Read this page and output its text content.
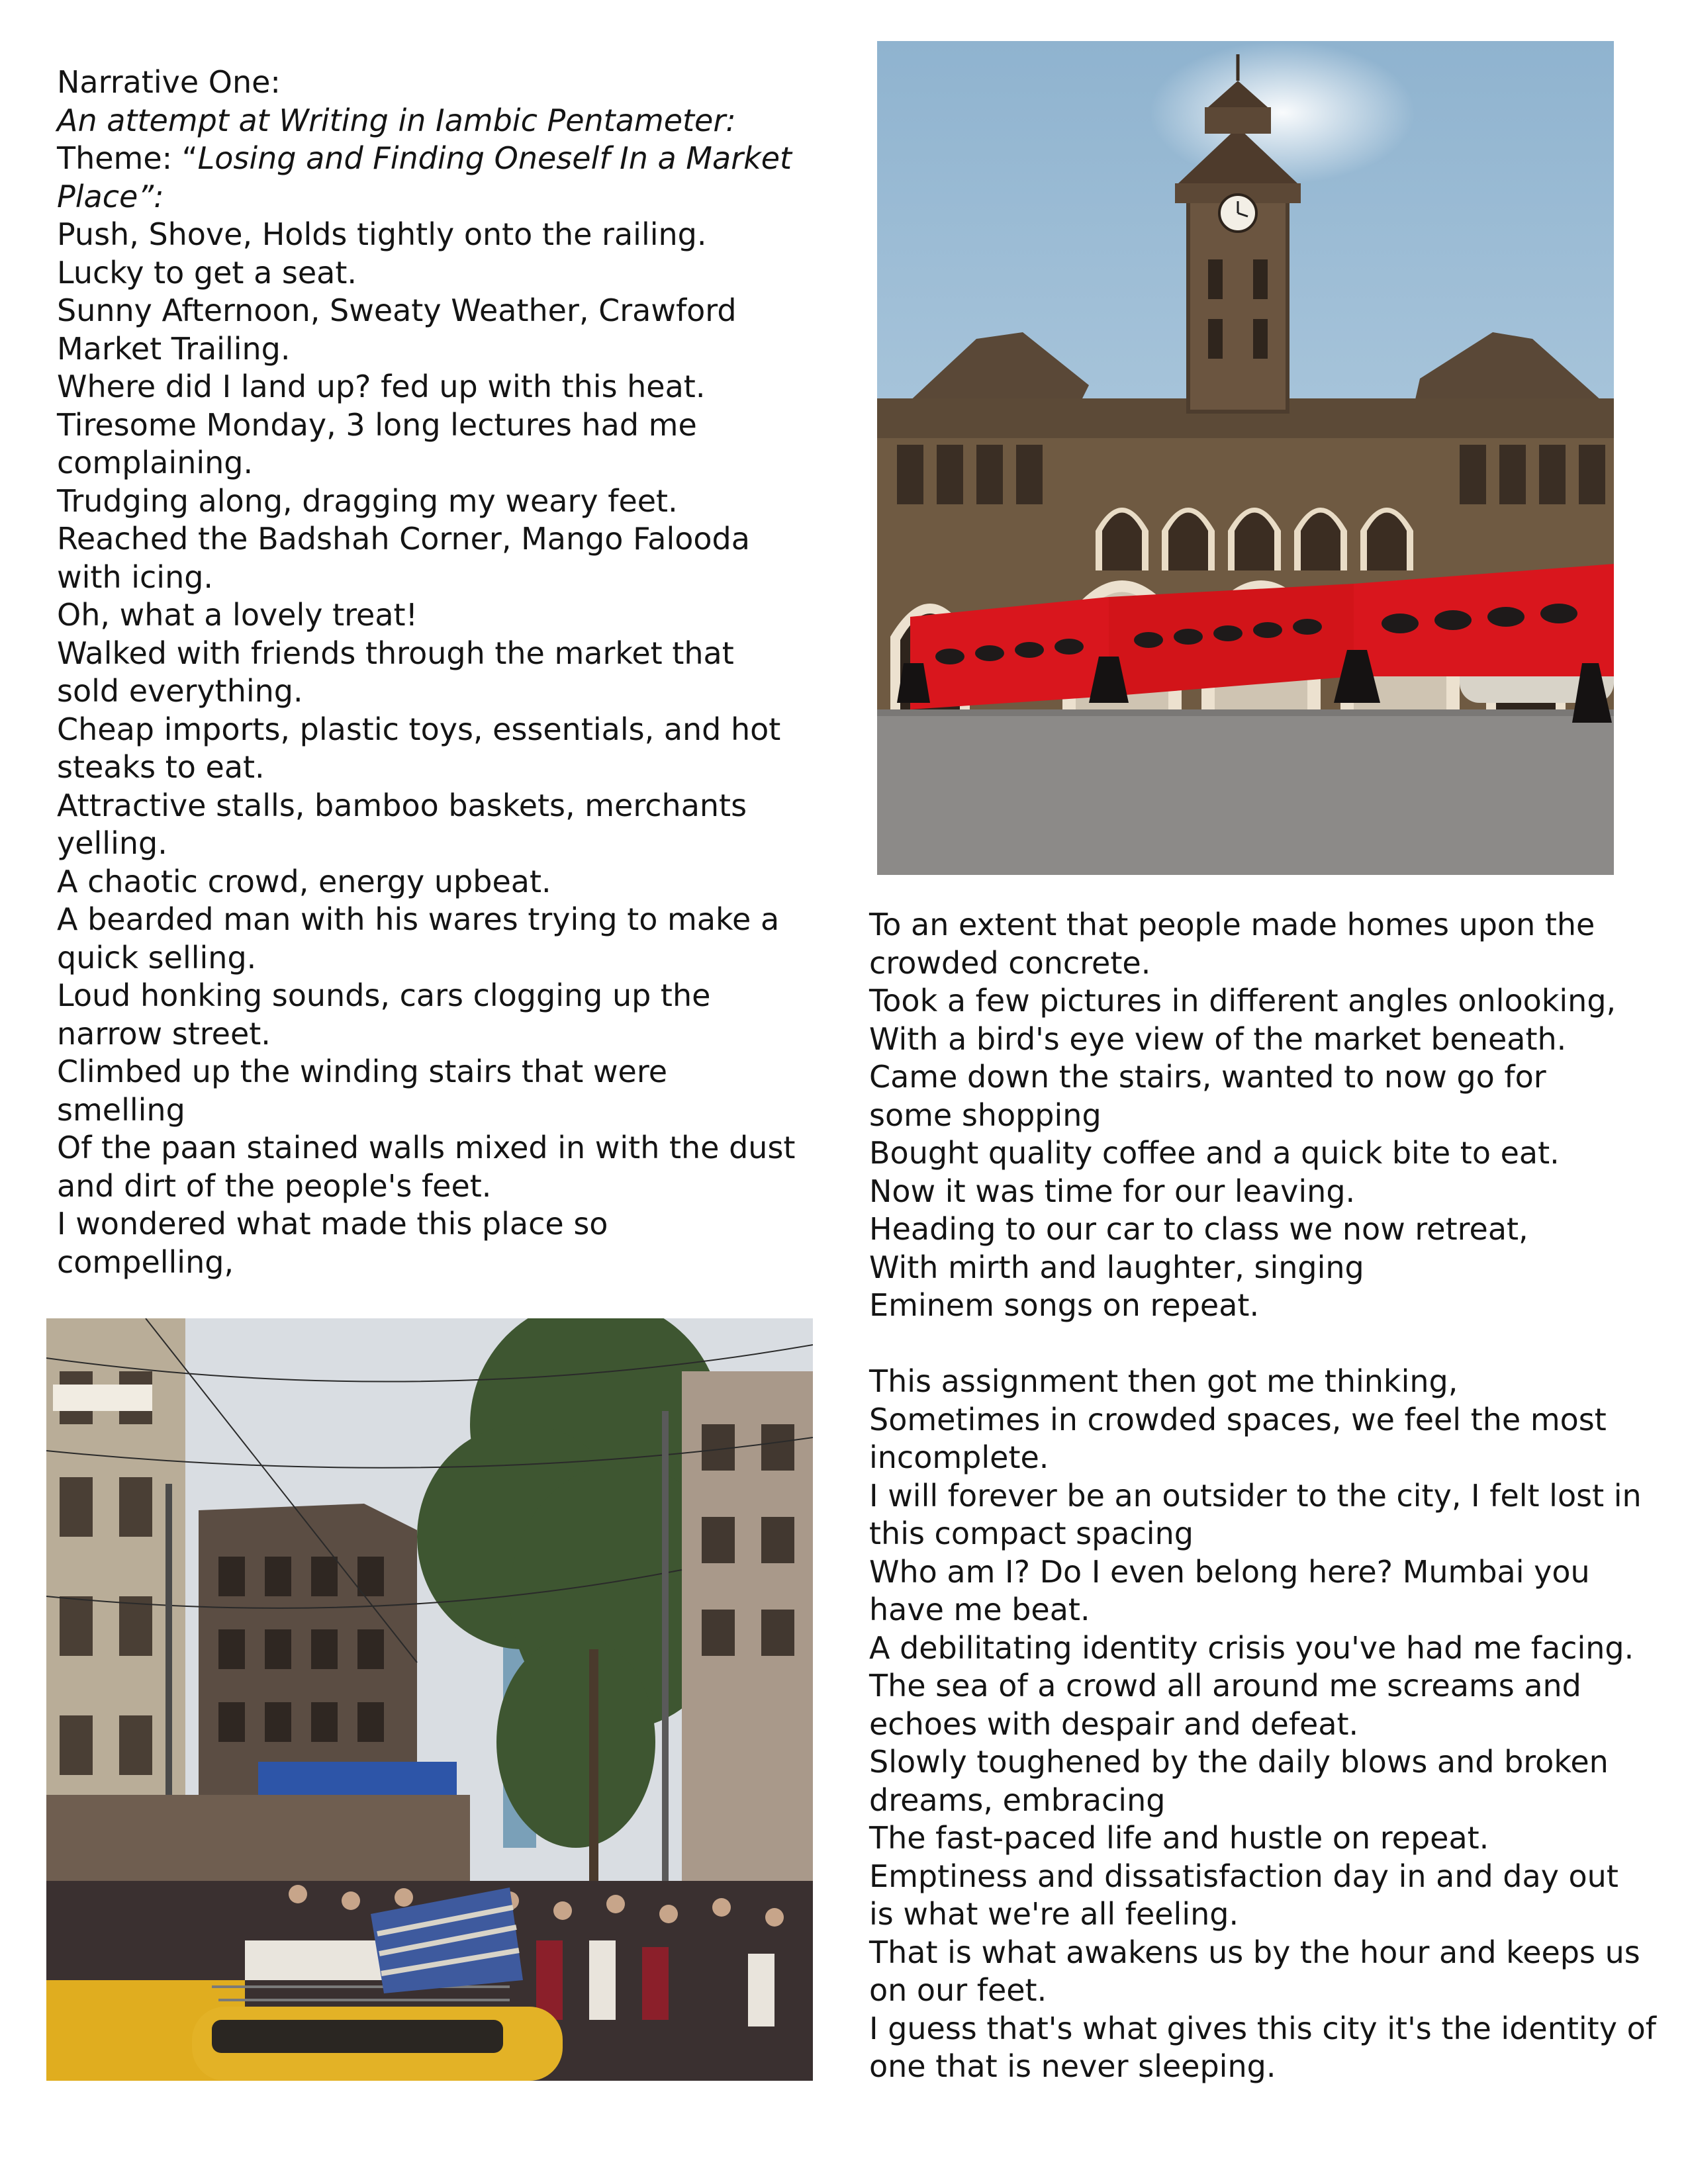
Narrative One:
An attempt at Writing in Iambic Pentameter:
Theme: “Losing and Finding Oneself In a Market
Place”:
Push, Shove, Holds tightly onto the railing.
Lucky to get a seat.
Sunny Afternoon, Sweaty Weather, Crawford
Market Trailing.
Where did I land up? fed up with this heat.
Tiresome Monday, 3 long lectures had me
complaining.
Trudging along, dragging my weary feet.
Reached the Badshah Corner, Mango Falooda
with icing.
Oh, what a lovely treat!
Walked with friends through the market that
sold everything.
Cheap imports, plastic toys, essentials, and hot
steaks to eat.
Attractive stalls, bamboo baskets, merchants
yelling.
A chaotic crowd, energy upbeat.
A bearded man with his wares trying to make a
quick selling.
Loud honking sounds, cars clogging up the
narrow street.
Climbed up the winding stairs that were
smelling
Of the paan stained walls mixed in with the dust
and dirt of the people's feet.
I wondered what made this place so
compelling,
To an extent that people made homes upon the
crowded concrete.
Took a few pictures in different angles onlooking,
With a bird's eye view of the market beneath.
Came down the stairs, wanted to now go for
some shopping
Bought quality coffee and a quick bite to eat.
Now it was time for our leaving.
Heading to our car to class we now retreat,
With mirth and laughter, singing
Eminem songs on repeat.

This assignment then got me thinking,
Sometimes in crowded spaces, we feel the most
incomplete.
I will forever be an outsider to the city, I felt lost in
this compact spacing
Who am I? Do I even belong here? Mumbai you
have me beat.
A debilitating identity crisis you've had me facing.
The sea of a crowd all around me screams and
echoes with despair and defeat.
Slowly toughened by the daily blows and broken
dreams, embracing
The fast-paced life and hustle on repeat.
Emptiness and dissatisfaction day in and day out
is what we're all feeling.
That is what awakens us by the hour and keeps us
on our feet.
I guess that's what gives this city it's the identity of
one that is never sleeping.
